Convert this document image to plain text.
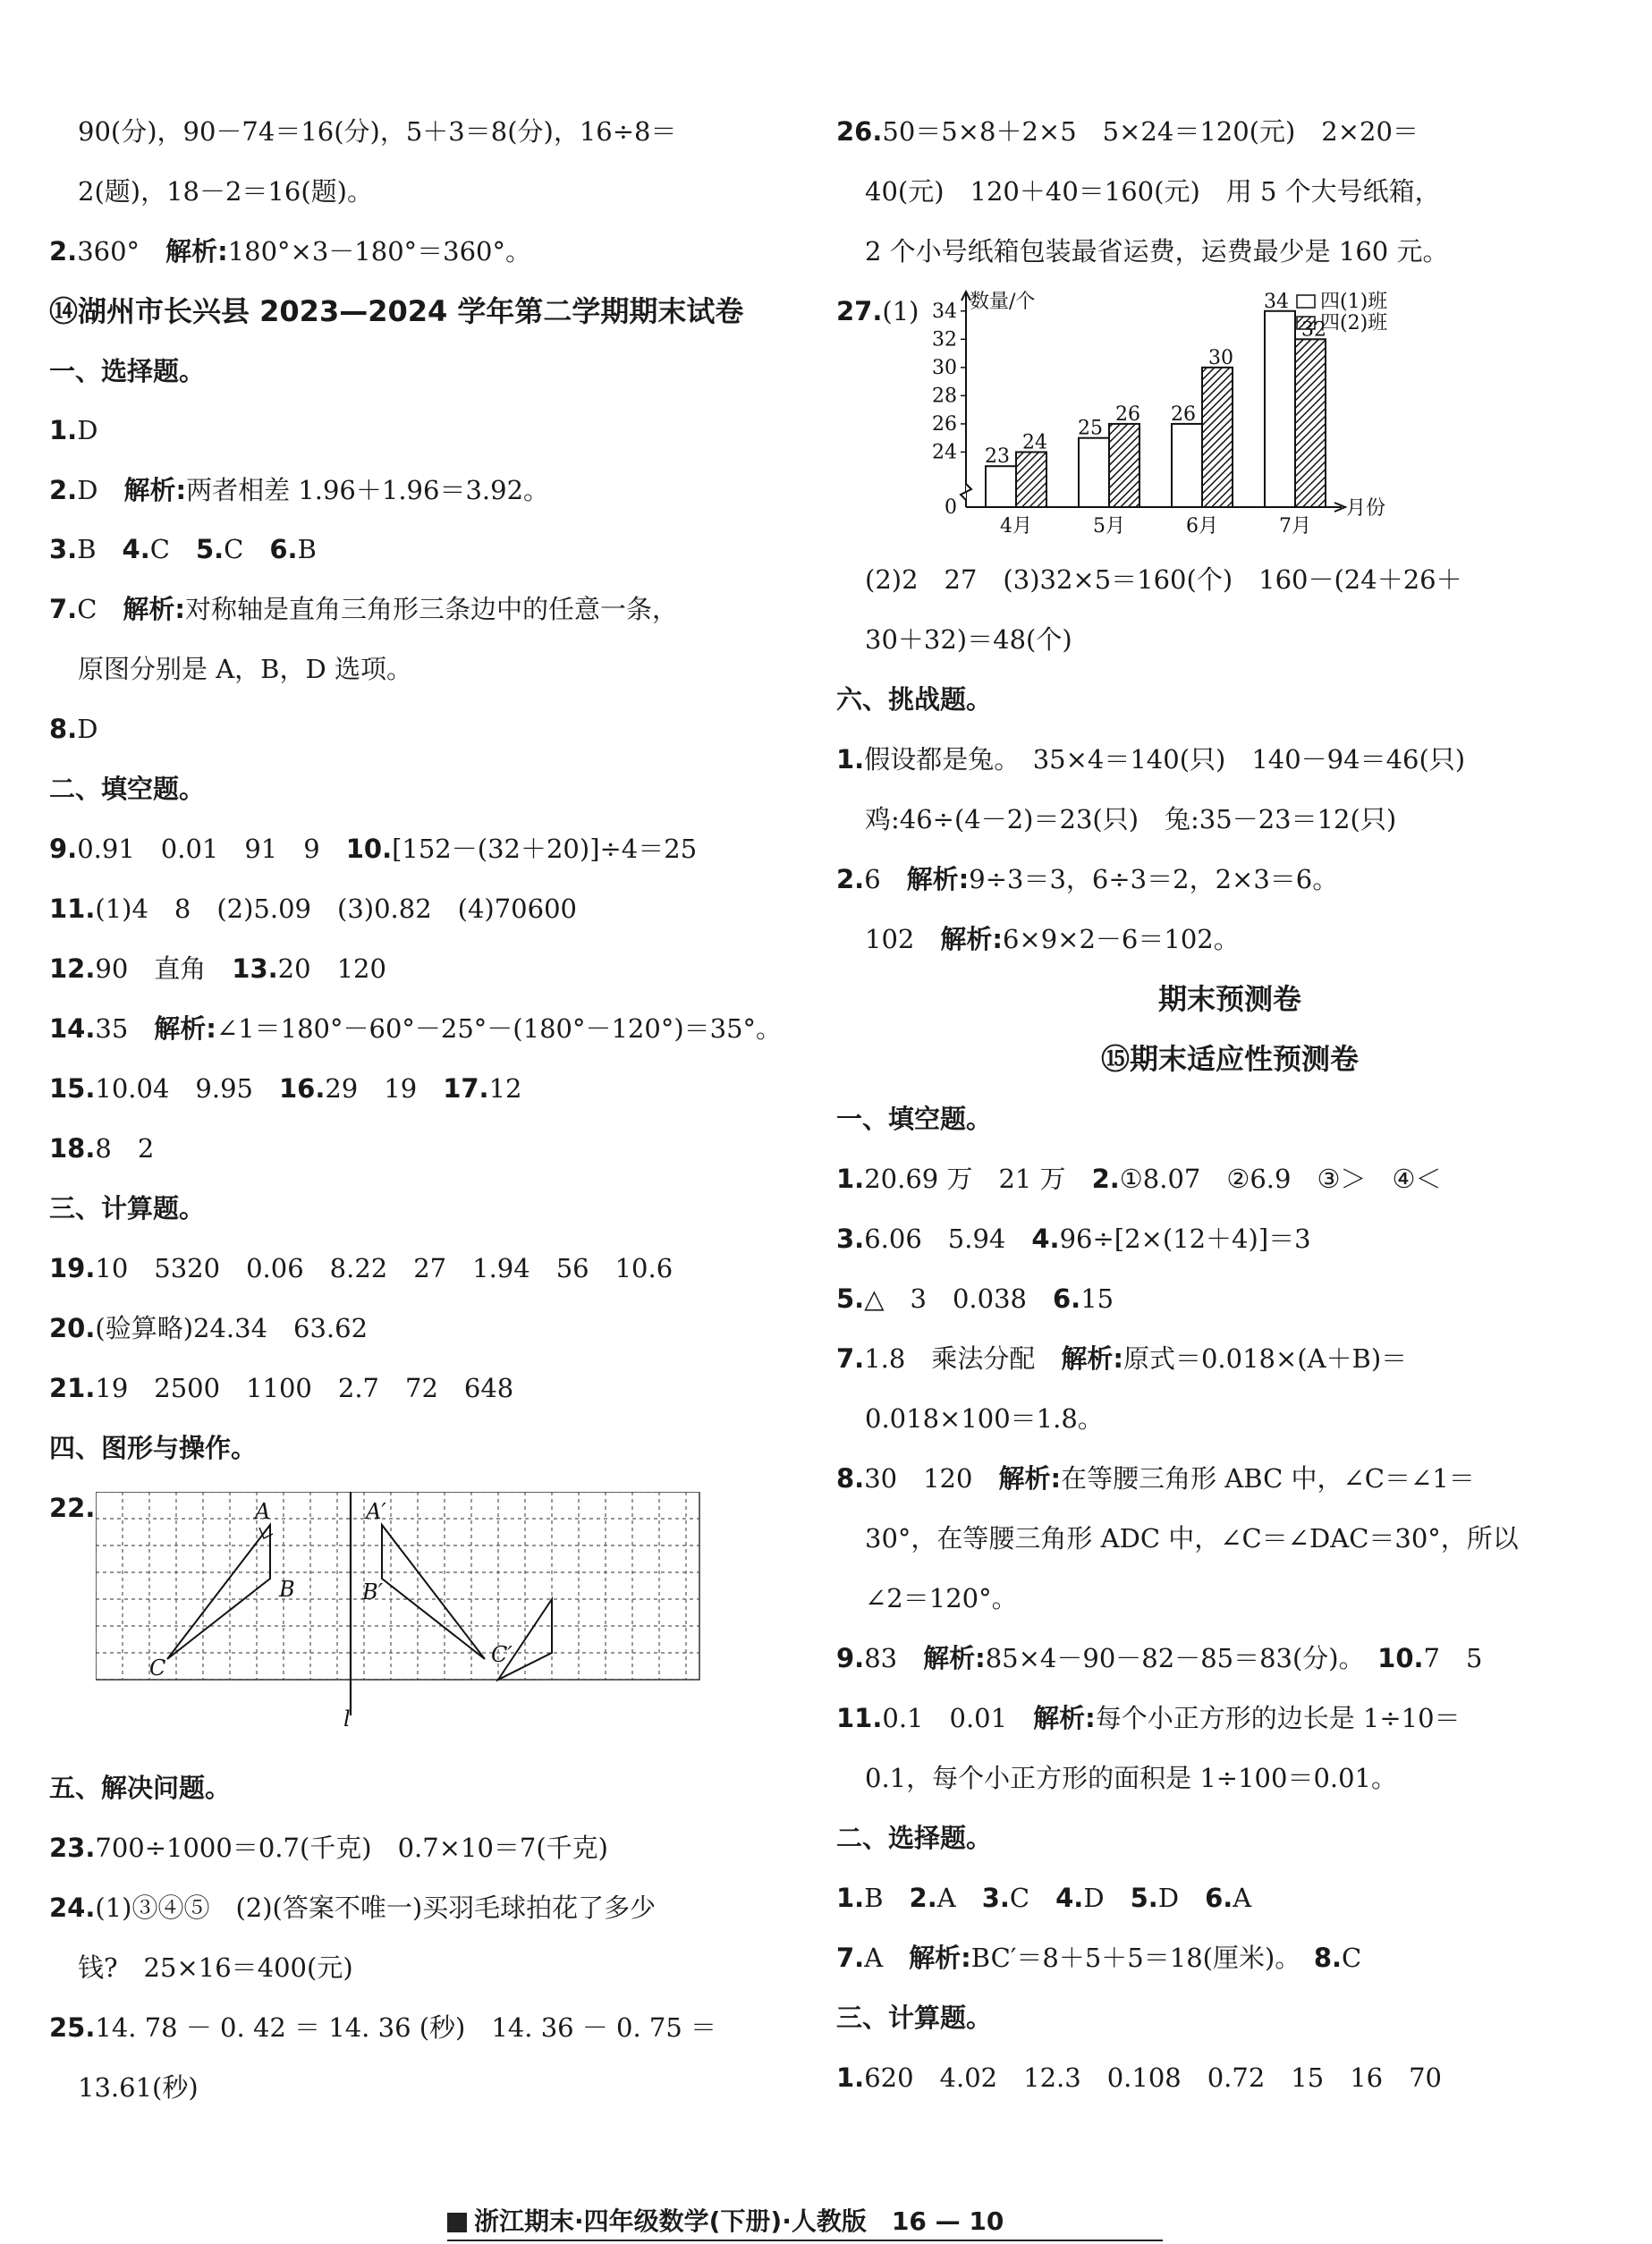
90(分)，90－74＝16(分)，5＋3＝8(分)，16÷8＝
2(题)，18－2＝16(题)。
2.360°　 解析:180°×3－180°＝360°。
⑭湖州市长兴县 2023—2024 学年第二学期期末试卷
一、选择题。
1.D
2.D　 解析:两者相差 1.96＋1.96＝3.92。
3.B　 4.C　 5.C　 6.B
7.C　 解析:对称轴是直角三角形三条边中的任意一条，
原图分别是 A，B，D 选项。
8.D
二、填空题。
9.0.91　0.01　91　9　 10.[152－(32＋20)]÷4＝25
11.(1)4　8　(2)5.09　(3)0.82　(4)70600
12.90　直角　 13.20　120
14.35　 解析:∠1＝180°－60°－25°－(180°－120°)＝35°。
15.10.04　9.95　 16.29　19　 17.12
18.8　2
三、计算题。
19.10　5320　0.06　8.22　27　1.94　56　10.6
20.(验算略)24.34　63.62
21.19　2500　1100　2.7　72　648
四、图形与操作。
22.	A
B
C
A′
B′
C′
l
五、解决问题。
23.700÷1000＝0.7(千克)　0.7×10＝7(千克)
24.(1)③④⑤　(2)(答案不唯一)买羽毛球拍花了多少
钱?　25×16＝400(元)
25.14. 78 － 0. 42 ＝ 14. 36 (秒)　14. 36 － 0. 75 ＝
13.61(秒)
26.50＝5×8＋2×5　5×24＝120(元)　2×20＝
40(元)　120＋40＝160(元)　用 5 个大号纸箱，
2 个小号纸箱包装最省运费，运费最少是 160 元。
27.(1)
0
24
26
28
30
32
34 数量/个
月份
23
24
4月
25
26
5月
26
30
6月
34
32
7月
四(1)班
四(2)班
(2)2　27　(3)32×5＝160(个)　160－(24＋26＋
30＋32)＝48(个)
六、挑战题。
1.假设都是兔。　35×4＝140(只)　140－94＝46(只)
鸡:46÷(4－2)＝23(只)　兔:35－23＝12(只)
2.6　 解析:9÷3＝3，6÷3＝2，2×3＝6。
102　 解析:6×9×2－6＝102。
期末预测卷
⑮期末适应性预测卷
一、填空题。
1.20.69 万　21 万　 2.①8.07　②6.9　③＞　④＜
3.6.06　5.94　 4.96÷[2×(12＋4)]＝3
5.△　3　0.038　 6.15
7.1.8　乘法分配　 解析:原式＝0.018×(A＋B)＝
0.018×100＝1.8。
8.30　120　 解析:在等腰三角形 ABC 中，∠C＝∠1＝
30°，在等腰三角形 ADC 中，∠C＝∠DAC＝30°，所以
∠2＝120°。
9.83　 解析:85×4－90－82－85＝83(分)。　 10.7　5
11.0.1　0.01　 解析:每个小正方形的边长是 1÷10＝
0.1，每个小正方形的面积是 1÷100＝0.01。
二、选择题。
1.B　 2.A　 3.C　 4.D　 5.D　 6.A
7.A　 解析:BC′＝8＋5＋5＝18(厘米)。　 8.C
三、计算题。
1.620　4.02　12.3　0.108　0.72　15　16　70
浙江期末·四年级数学(下册)·人教版　 16 — 10
